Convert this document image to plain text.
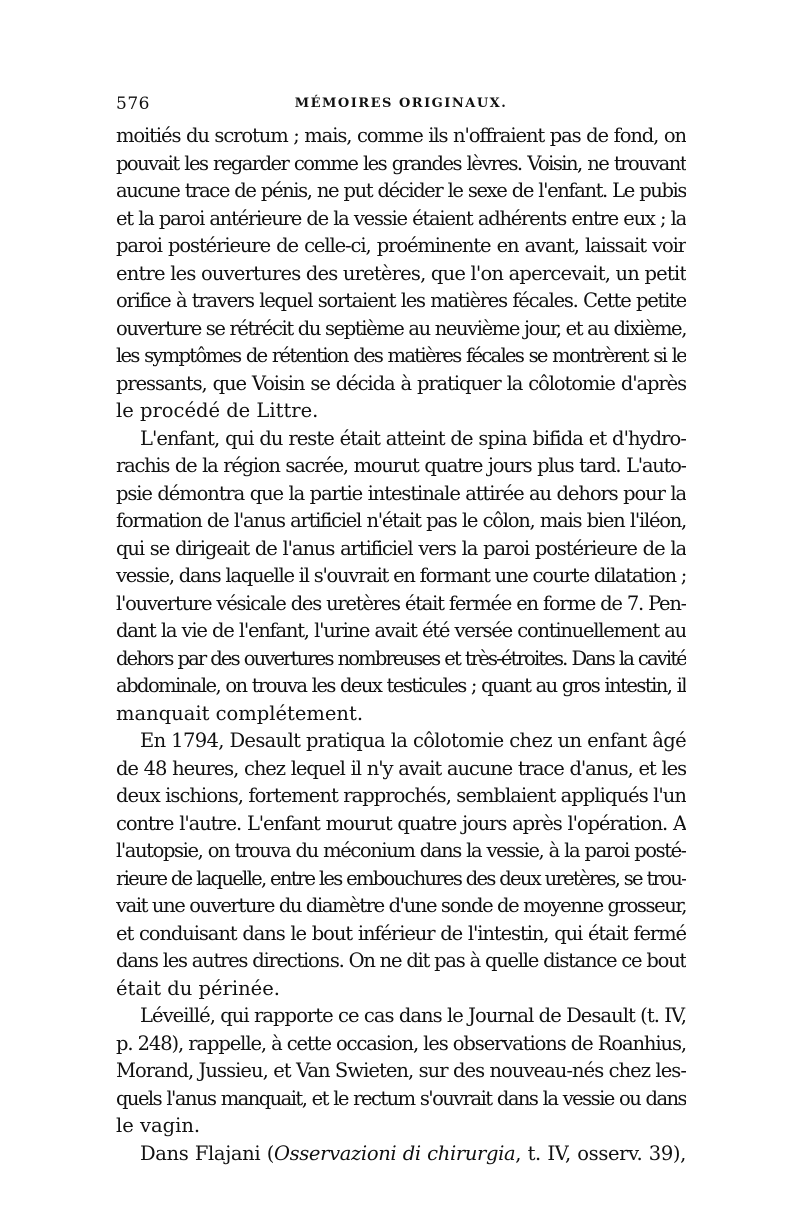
576	MÉMOIRES ORIGINAUX.
moitiés du scrotum ; mais, comme ils n'offraient pas de fond, on
pouvait les regarder comme les grandes lèvres. Voisin, ne trouvant
aucune trace de pénis, ne put décider le sexe de l'enfant. Le pubis
et la paroi antérieure de la vessie étaient adhérents entre eux ; la
paroi postérieure de celle-ci, proéminente en avant, laissait voir
entre les ouvertures des uretères, que l'on apercevait, un petit
orifice à travers lequel sortaient les matières fécales. Cette petite
ouverture se rétrécit du septième au neuvième jour, et au dixième,
les symptômes de rétention des matières fécales se montrèrent si le
pressants, que Voisin se décida à pratiquer la côlotomie d'après
le procédé de Littre.
L'enfant, qui du reste était atteint de spina bifida et d'hydro-
rachis de la région sacrée, mourut quatre jours plus tard. L'auto-
psie démontra que la partie intestinale attirée au dehors pour la
formation de l'anus artificiel n'était pas le côlon, mais bien l'iléon,
qui se dirigeait de l'anus artificiel vers la paroi postérieure de la
vessie, dans laquelle il s'ouvrait en formant une courte dilatation ;
l'ouverture vésicale des uretères était fermée en forme de 7. Pen-
dant la vie de l'enfant, l'urine avait été versée continuellement au
dehors par des ouvertures nombreuses et très-étroites. Dans la cavité
abdominale, on trouva les deux testicules ; quant au gros intestin, il
manquait complétement.
En 1794, Desault pratiqua la côlotomie chez un enfant âgé
de 48 heures, chez lequel il n'y avait aucune trace d'anus, et les
deux ischions, fortement rapprochés, semblaient appliqués l'un
contre l'autre. L'enfant mourut quatre jours après l'opération. A
l'autopsie, on trouva du méconium dans la vessie, à la paroi posté-
rieure de laquelle, entre les embouchures des deux uretères, se trou-
vait une ouverture du diamètre d'une sonde de moyenne grosseur,
et conduisant dans le bout inférieur de l'intestin, qui était fermé
dans les autres directions. On ne dit pas à quelle distance ce bout
était du périnée.
Léveillé, qui rapporte ce cas dans le Journal de Desault (t. IV,
p. 248), rappelle, à cette occasion, les observations de Roanhius,
Morand, Jussieu, et Van Swieten, sur des nouveau-nés chez les-
quels l'anus manquait, et le rectum s'ouvrait dans la vessie ou dans
le vagin.
Dans Flajani (Osservazioni di chirurgia, t. IV, osserv. 39),
